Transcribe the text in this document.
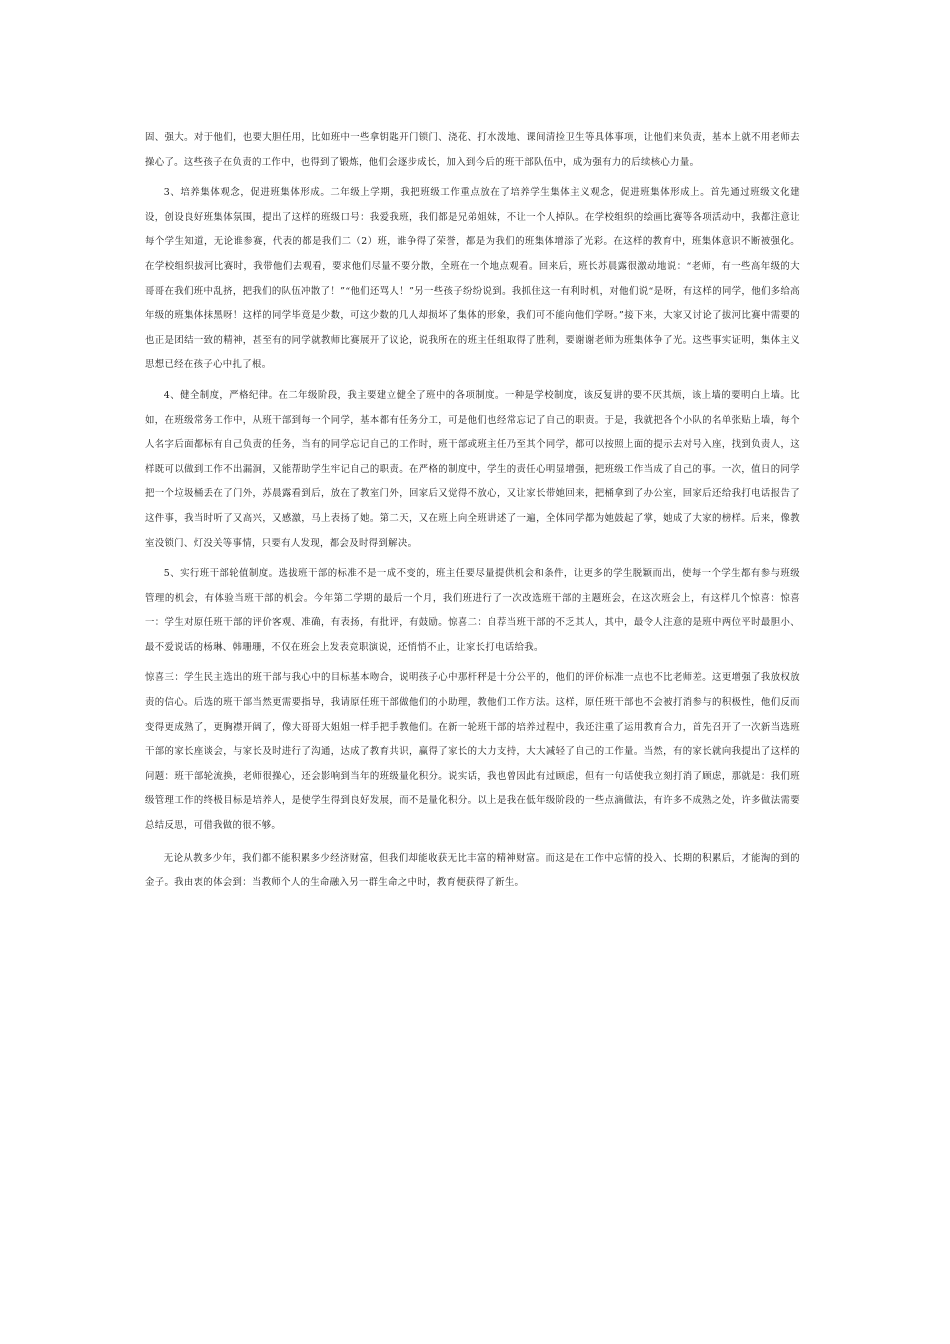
固、强大。对于他们，也要大胆任用，比如班中一些拿钥匙开门锁门、浇花、打水泼地、课间清捡卫生等具体事项，让他们来负责，基本上就不用老师去操心了。这些孩子在负责的工作中，也得到了锻炼，他们会逐步成长，加入到今后的班干部队伍中，成为强有力的后续核心力量。

3、培养集体观念，促进班集体形成。二年级上学期，我把班级工作重点放在了培养学生集体主义观念，促进班集体形成上。首先通过班级文化建设，创设良好班集体氛围，提出了这样的班级口号：我爱我班，我们都是兄弟姐妹，不让一个人掉队。在学校组织的绘画比赛等各项活动中，我都注意让每个学生知道，无论谁参赛，代表的都是我们二（2）班，谁争得了荣誉，都是为我们的班集体增添了光彩。在这样的教育中，班集体意识不断被强化。在学校组织拔河比赛时，我带他们去观看，要求他们尽量不要分散，全班在一个地点观看。回来后，班长苏晨露很激动地说：“老师，有一些高年级的大哥哥在我们班中乱挤，把我们的队伍冲散了！”“他们还骂人！”另一些孩子纷纷说到。我抓住这一有利时机，对他们说“是呀，有这样的同学，他们多给高年级的班集体抹黑呀！这样的同学毕竟是少数，可这少数的几人却损坏了集体的形象，我们可不能向他们学呀。”接下来，大家又讨论了拔河比赛中需要的也正是团结一致的精神，甚至有的同学就教师比赛展开了议论，说我所在的班主任组取得了胜利，要谢谢老师为班集体争了光。这些事实证明，集体主义思想已经在孩子心中扎了根。

4、健全制度，严格纪律。在二年级阶段，我主要建立健全了班中的各项制度。一种是学校制度，该反复讲的要不厌其烦，该上墙的要明白上墙。比如，在班级常务工作中，从班干部到每一个同学，基本都有任务分工，可是他们也经常忘记了自己的职责。于是，我就把各个小队的名单张贴上墙，每个人名字后面都标有自己负责的任务，当有的同学忘记自己的工作时，班干部或班主任乃至其个同学，都可以按照上面的提示去对号入座，找到负责人，这样既可以做到工作不出漏洞，又能帮助学生牢记自己的职责。在严格的制度中，学生的责任心明显增强，把班级工作当成了自己的事。一次，值日的同学把一个垃圾桶丢在了门外，苏晨露看到后，放在了教室门外，回家后又觉得不放心，又让家长带她回来，把桶拿到了办公室，回家后还给我打电话报告了这件事，我当时听了又高兴，又感激，马上表扬了她。第二天，又在班上向全班讲述了一遍，全体同学都为她鼓起了掌，她成了大家的榜样。后来，像教室没锁门、灯没关等事情，只要有人发现，都会及时得到解决。

5、实行班干部轮值制度。选拔班干部的标准不是一成不变的，班主任要尽量提供机会和条件，让更多的学生脱颖而出，使每一个学生都有参与班级管理的机会，有体验当班干部的机会。今年第二学期的最后一个月，我们班进行了一次改选班干部的主题班会，在这次班会上，有这样几个惊喜：惊喜一：学生对原任班干部的评价客观、准确，有表扬，有批评，有鼓励。惊喜二：自荐当班干部的不乏其人，其中，最令人注意的是班中两位平时最胆小、最不爱说话的杨琳、韩珊珊，不仅在班会上发表竞职演说，还悄悄不止，让家长打电话给我。

惊喜三：学生民主选出的班干部与我心中的目标基本吻合，说明孩子心中那杆秤是十分公平的，他们的评价标准一点也不比老师差。这更增强了我放权放责的信心。后选的班干部当然更需要指导，我请原任班干部做他们的小助理，教他们工作方法。这样，原任班干部也不会被打消参与的积极性，他们反而变得更成熟了，更胸襟开阔了，像大哥哥大姐姐一样手把手教他们。在新一轮班干部的培养过程中，我还注重了运用教育合力，首先召开了一次新当选班干部的家长座谈会，与家长及时进行了沟通，达成了教育共识，赢得了家长的大力支持，大大减轻了自己的工作量。当然，有的家长就向我提出了这样的问题：班干部轮流换，老师很操心，还会影响到当年的班级量化积分。说实话，我也曾因此有过顾虑，但有一句话使我立刻打消了顾虑，那就是：我们班级管理工作的终极目标是培养人，是使学生得到良好发展，而不是量化积分。以上是我在低年级阶段的一些点滴做法，有许多不成熟之处，许多做法需要总结反思，可借我做的很不够。

无论从教多少年，我们都不能积累多少经济财富，但我们却能收获无比丰富的精神财富。而这是在工作中忘情的投入、长期的积累后，才能淘的到的金子。我由衷的体会到：当教师个人的生命融入另一群生命之中时，教育便获得了新生。
